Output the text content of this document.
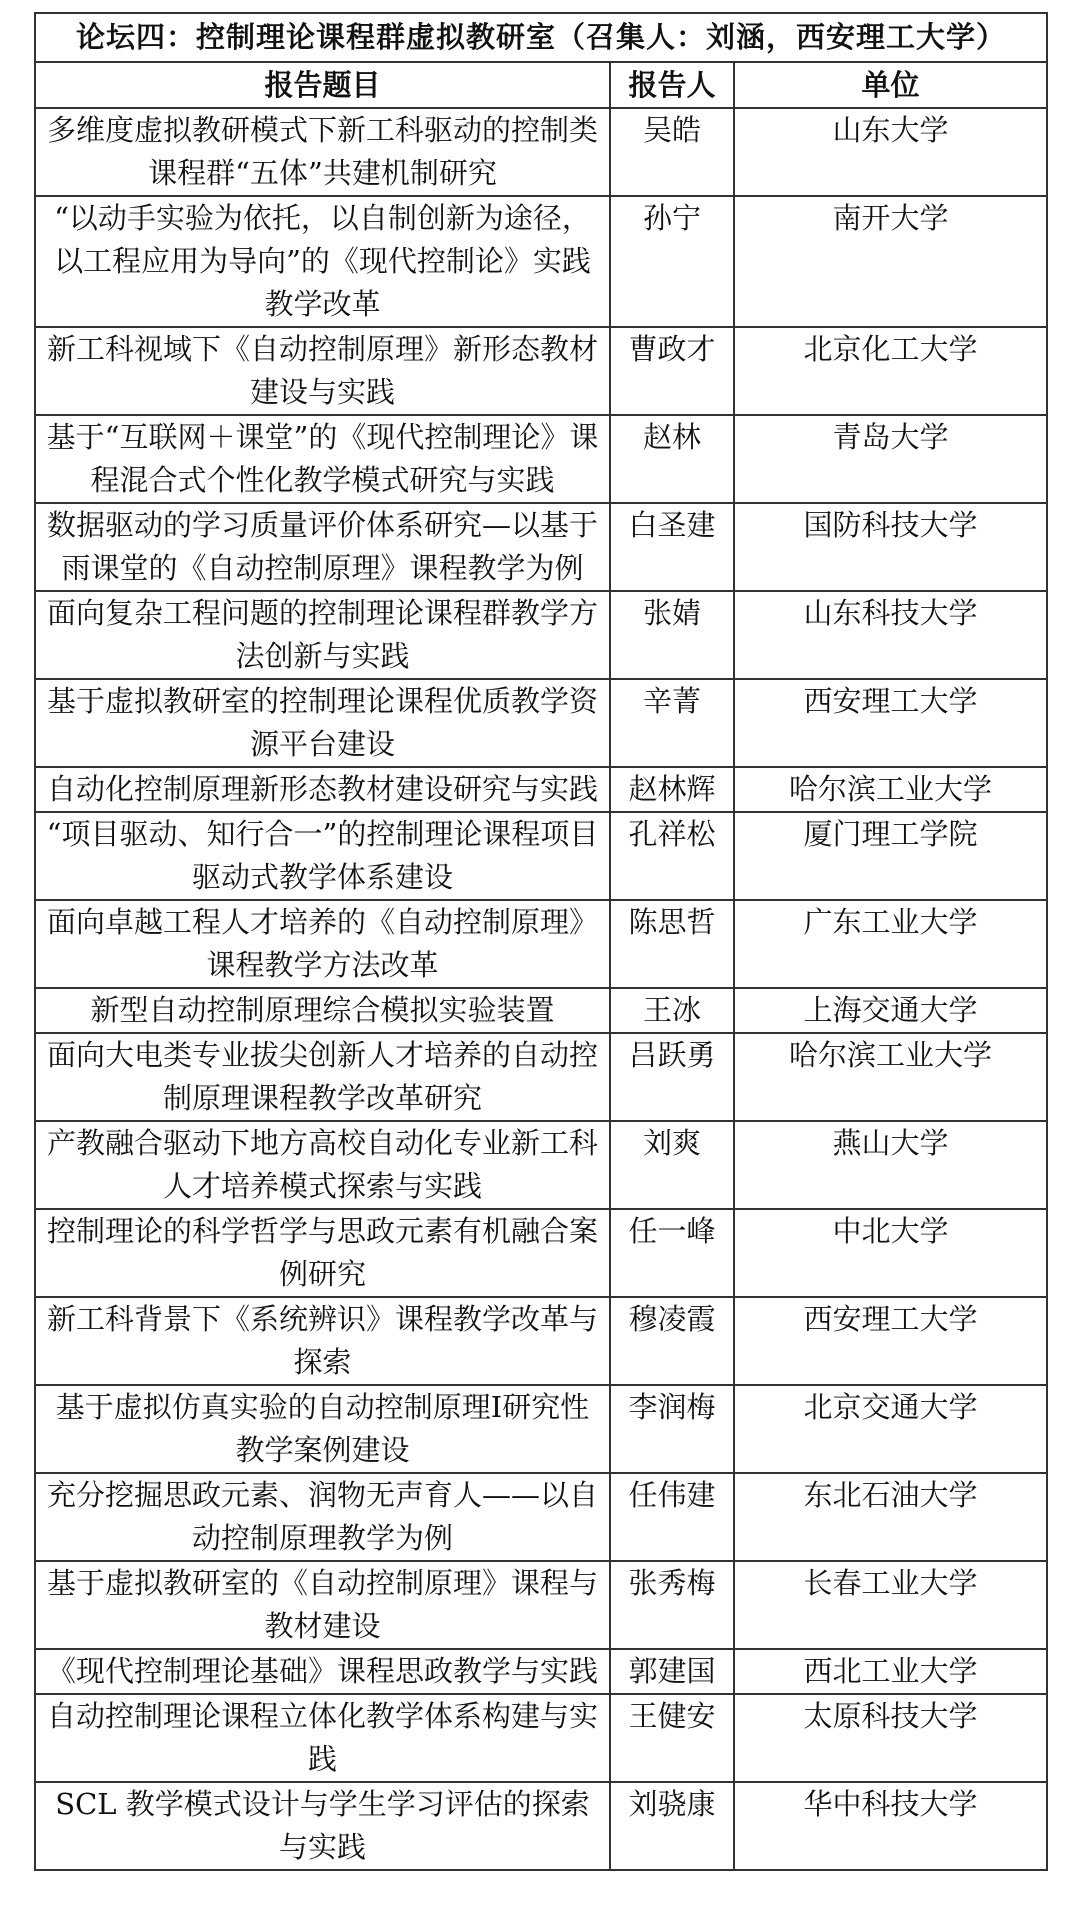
论坛四：控制理论课程群虚拟教研室（召集人：刘涵，西安理工大学）		
报告题目	报告人	单位
多维度虚拟教研模式下新工科驱动的控制类课程群“五体”共建机制研究	吴皓	山东大学
“以动手实验为依托，以自制创新为途径，以工程应用为导向”的《现代控制论》实践教学改革	孙宁	南开大学
新工科视域下《自动控制原理》新形态教材建设与实践	曹政才	北京化工大学
基于“互联网＋课堂”的《现代控制理论》课程混合式个性化教学模式研究与实践	赵林	青岛大学
数据驱动的学习质量评价体系研究—以基于雨课堂的《自动控制原理》课程教学为例	白圣建	国防科技大学
面向复杂工程问题的控制理论课程群教学方法创新与实践	张婧	山东科技大学
基于虚拟教研室的控制理论课程优质教学资源平台建设	辛菁	西安理工大学
自动化控制原理新形态教材建设研究与实践	赵林辉	哈尔滨工业大学
“项目驱动、知行合一”的控制理论课程项目驱动式教学体系建设	孔祥松	厦门理工学院
面向卓越工程人才培养的《自动控制原理》课程教学方法改革	陈思哲	广东工业大学
新型自动控制原理综合模拟实验装置	王冰	上海交通大学
面向大电类专业拔尖创新人才培养的自动控制原理课程教学改革研究	吕跃勇	哈尔滨工业大学
产教融合驱动下地方高校自动化专业新工科人才培养模式探索与实践	刘爽	燕山大学
控制理论的科学哲学与思政元素有机融合案例研究	任一峰	中北大学
新工科背景下《系统辨识》课程教学改革与探索	穆凌霞	西安理工大学
基于虚拟仿真实验的自动控制原理I研究性教学案例建设	李润梅	北京交通大学
充分挖掘思政元素、润物无声育人——以自动控制原理教学为例	任伟建	东北石油大学
基于虚拟教研室的《自动控制原理》课程与教材建设	张秀梅	长春工业大学
《现代控制理论基础》课程思政教学与实践	郭建国	西北工业大学
自动控制理论课程立体化教学体系构建与实践	王健安	太原科技大学
SCL 教学模式设计与学生学习评估的探索与实践	刘骁康	华中科技大学
